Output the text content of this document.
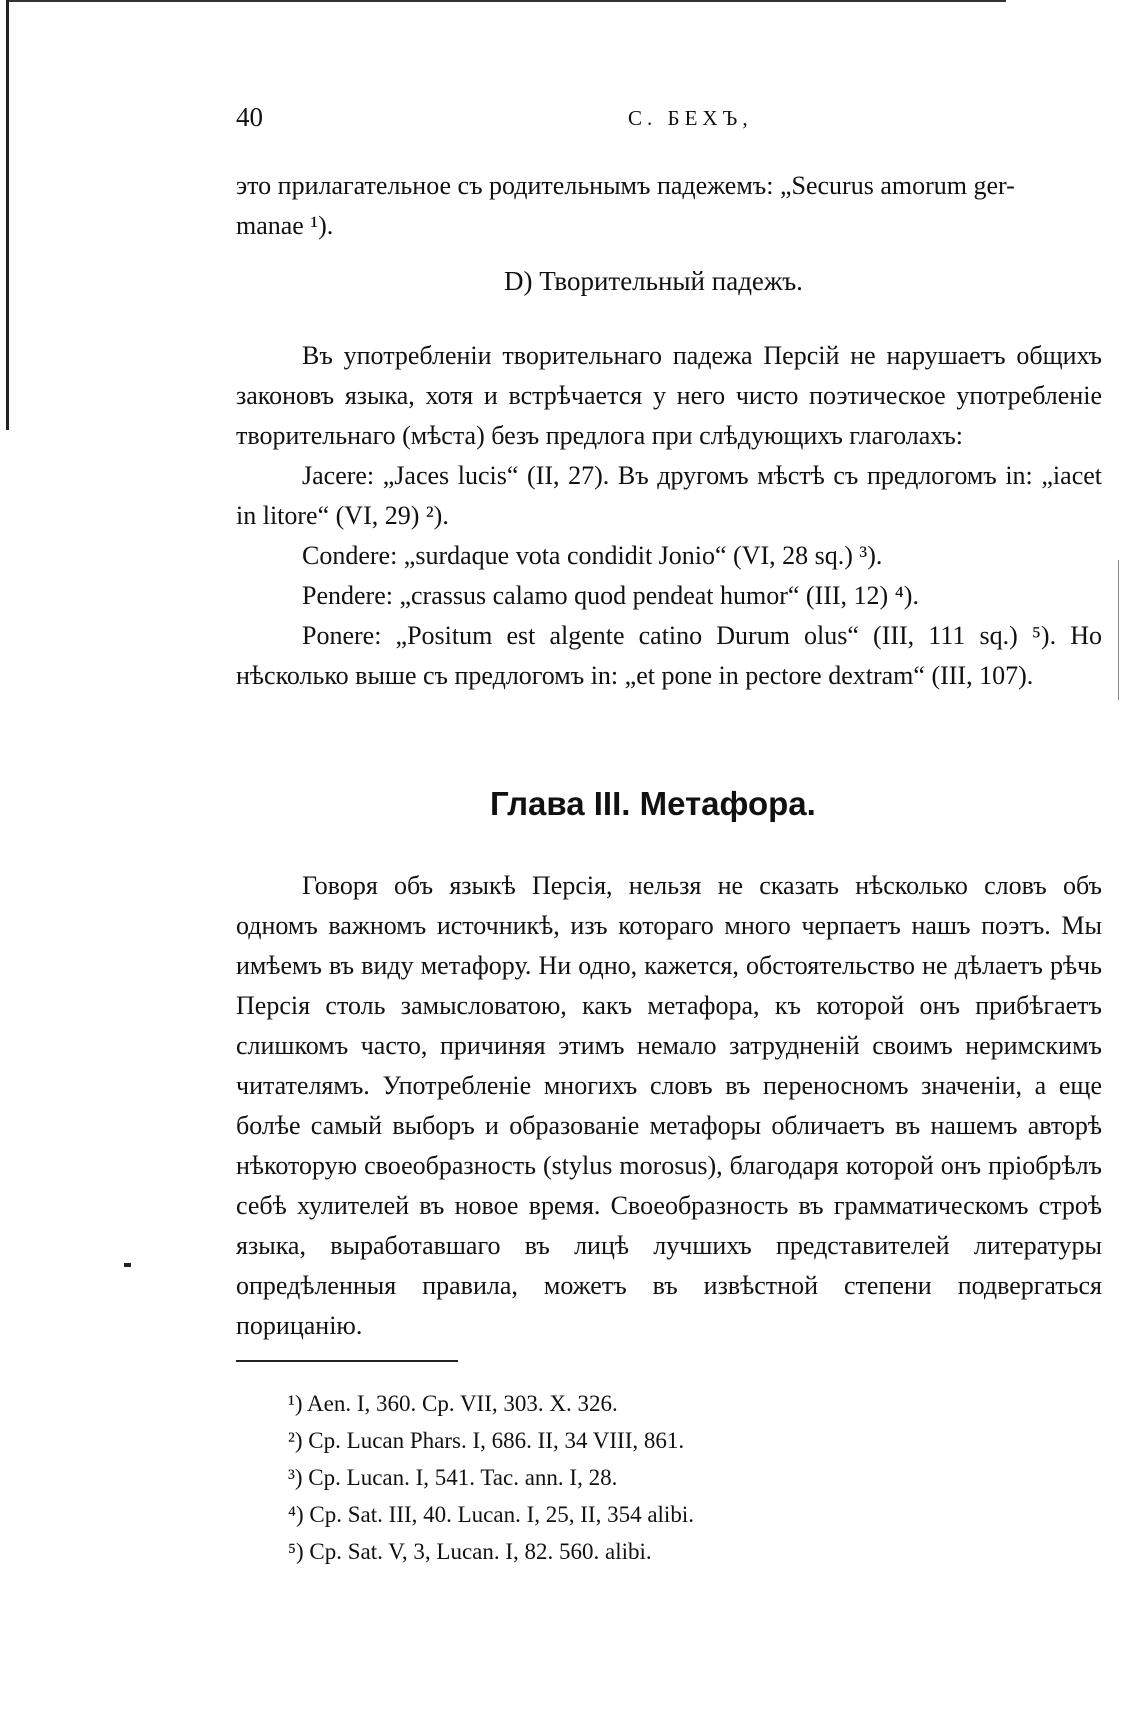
40	С. БЕХЪ,
это прилагательное съ родительнымъ падежемъ: „Securus amorum ger-
manae ¹).
D) Творительный падежъ.

Въ употребленіи творительнаго падежа Персій не нарушаетъ общихъ законовъ языка, хотя и встрѣчается у него чисто поэтическое употребленіе творительнаго (мѣста) безъ предлога при слѣдующихъ глаголахъ:

Jacere: „Jaces lucis“ (II, 27). Въ другомъ мѣстѣ съ предлогомъ in: „iacet in litore“ (VI, 29) ²).

Condere: „surdaque vota condidit Jonio“ (VI, 28 sq.) ³).

Pendere: „crassus calamo quod pendeat humor“ (III, 12) ⁴).

Ponere: „Positum est algente catino Durum olus“ (III, 111 sq.) ⁵). Но нѣсколько выше съ предлогомъ in: „et pone in pectore dextram“ (III, 107).

Глава III. Метафора.

Говоря объ языкѣ Персія, нельзя не сказать нѣсколько словъ объ одномъ важномъ источникѣ, изъ котораго много черпаетъ нашъ поэтъ. Мы имѣемъ въ виду метафору. Ни одно, кажется, обстоятельство не дѣлаетъ рѣчь Персія столь замысловатою, какъ метафора, къ которой онъ прибѣгаетъ слишкомъ часто, причиняя этимъ немало затрудненій своимъ неримскимъ читателямъ. Употребленіе многихъ словъ въ переносномъ значеніи, а еще болѣе самый выборъ и образованіе метафоры обличаетъ въ нашемъ авторѣ нѣкоторую своеобразность (stylus morosus), благодаря которой онъ пріобрѣлъ себѣ хулителей въ новое время. Своеобразность въ грамматическомъ строѣ языка, выработавшаго въ лицѣ лучшихъ представителей литературы опредѣленныя правила, можетъ въ извѣстной степени подвергаться порицанію.

¹) Aen. I, 360. Cp. VII, 303. X. 326.
²) Cp. Lucan Phars. I, 686. II, 34 VIII, 861.
³) Cp. Lucan. I, 541. Tac. ann. I, 28.
⁴) Cp. Sat. III, 40. Lucan. I, 25, II, 354 alibi.
⁵) Cp. Sat. V, 3, Lucan. I, 82. 560. alibi.
